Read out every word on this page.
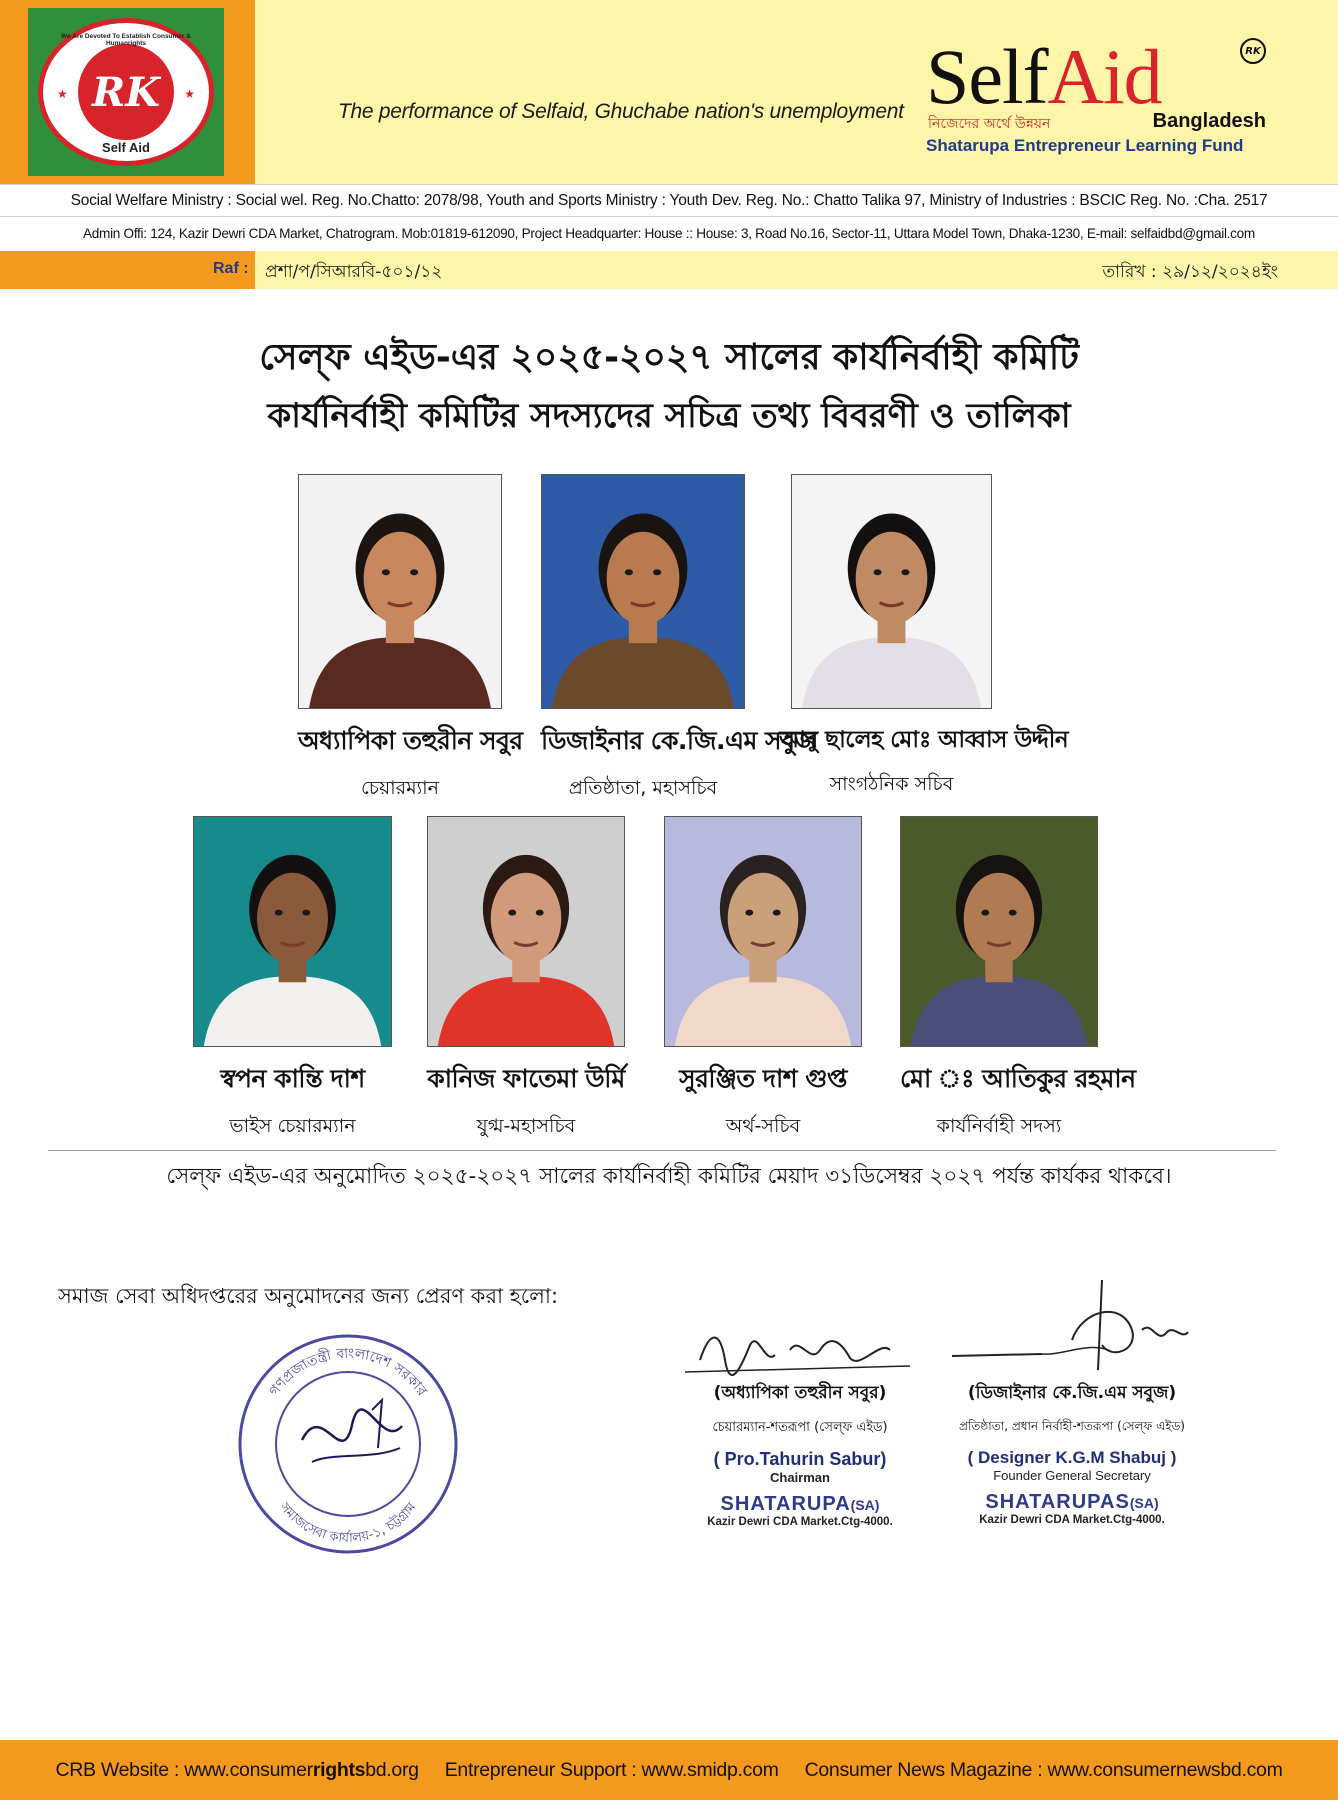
We Are Devoted To Establish Consumer & Humanrights
★	★
RK
Self Aid
The performance of Selfaid, Ghuchabe nation's unemployment SelfAid	RK
নিজেদের অর্থে উন্নয়ন	Bangladesh
Shatarupa Entrepreneur Learning Fund
Social Welfare Ministry : Social wel. Reg. No.Chatto: 2078/98, Youth and Sports Ministry : Youth Dev. Reg. No.: Chatto Talika 97, Ministry of Industries : BSCIC Reg. No. :Cha. 2517
Admin Offi: 124, Kazir Dewri CDA Market, Chatrogram. Mob:01819-612090, Project Headquarter: House :: House: 3, Road No.16, Sector-11, Uttara Model Town, Dhaka-1230, E-mail: selfaidbd@gmail.com
Raf : প্রশা/প/সিআরবি-৫০১/১২	তারিখ : ২৯/১২/২০২৪ইং
সেল্‌ফ এইড-এর ২০২৫-২০২৭ সালের কার্যনির্বাহী কমিটি
কার্যনির্বাহী কমিটির সদস্যদের সচিত্র তথ্য বিবরণী ও তালিকা
অধ্যাপিকা তহুরীন সবুর
চেয়ারম্যান
ডিজাইনার কে.জি.এম সবুজ
প্রতিষ্ঠাতা, মহাসচিব
আবু ছালেহ মোঃ আব্বাস উদ্দীন
সাংগঠনিক সচিব
স্বপন কান্তি দাশ
ভাইস চেয়ারম্যান
কানিজ ফাতেমা উর্মি
যুগ্ম-মহাসচিব
সুরঞ্জিত দাশ গুপ্ত
অর্থ-সচিব
মো ঃ আতিকুর রহমান
কার্যনির্বাহী সদস্য
সেল্‌ফ এইড-এর অনুমোদিত ২০২৫-২০২৭ সালের কার্যনির্বাহী কমিটির মেয়াদ ৩১ডিসেম্বর ২০২৭ পর্যন্ত কার্যকর থাকবে।
সমাজ সেবা অধিদপ্তরের অনুমোদনের জন্য প্রেরণ করা হলো:
গণপ্রজাতন্ত্রী বাংলাদেশ সরকার
সমাজসেবা কার্যালয়-১, চট্টগ্রাম
(অধ্যাপিকা তহুরীন সবুর)
চেয়ারম্যান-শতরূপা (সেল্‌ফ এইড)
( Pro.Tahurin Sabur)
Chairman
SHATARUPA(SA)
Kazir Dewri CDA Market.Ctg-4000.
(ডিজাইনার কে.জি.এম সবুজ)
প্রতিষ্ঠাতা, প্রধান নির্বাহী-শতরূপা (সেল্‌ফ এইড)
( Designer K.G.M Shabuj )
Founder General Secretary
SHATARUPAS(SA)
Kazir Dewri CDA Market.Ctg-4000.
CRB Website : www.consumerrightsbd.org Entrepreneur Support : www.smidp.com Consumer News Magazine : www.consumernewsbd.com
